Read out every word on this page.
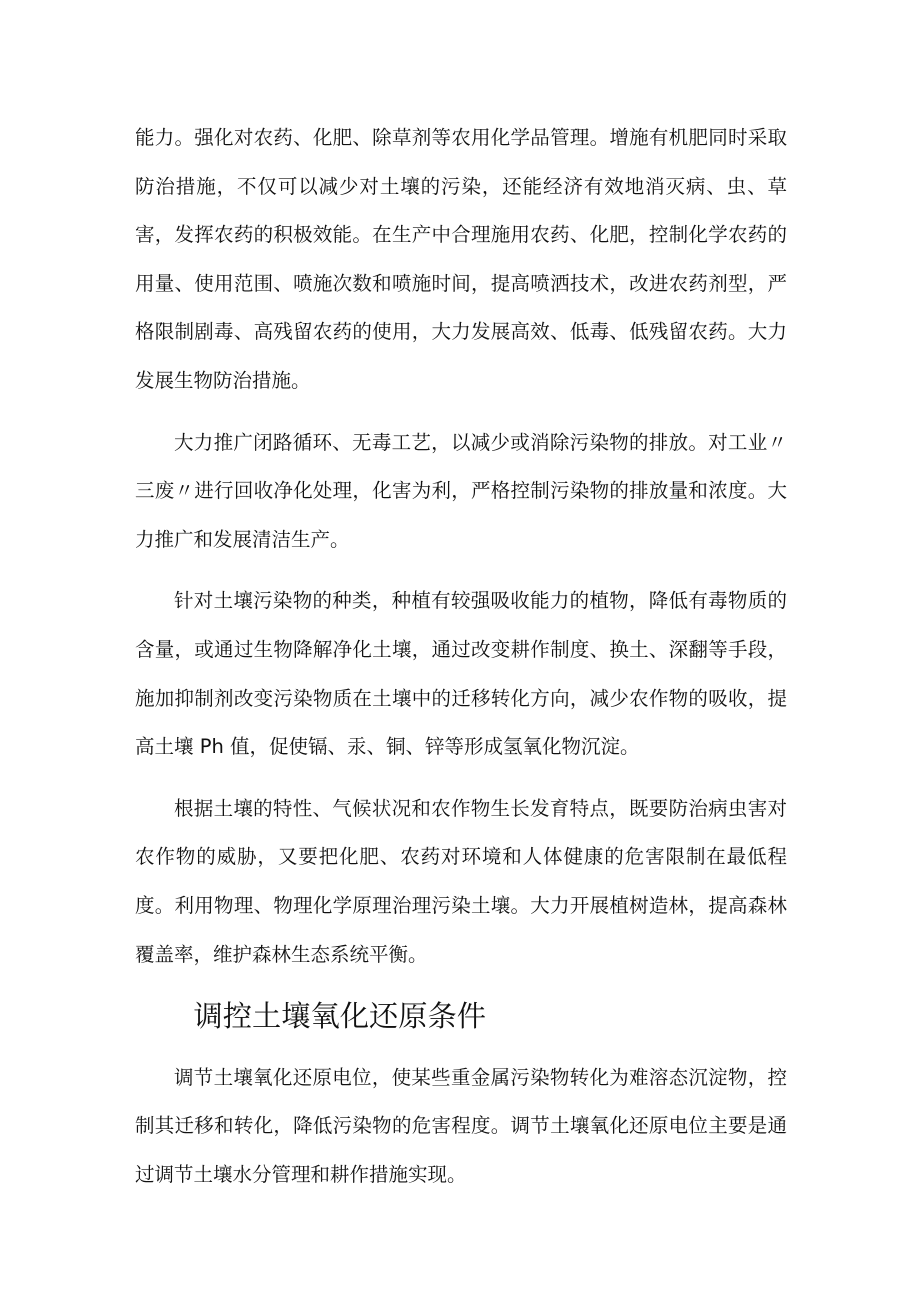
能力。强化对农药、化肥、除草剂等农用化学品管理。增施有机肥同时采取防治措施，不仅可以减少对土壤的污染，还能经济有效地消灭病、虫、草害，发挥农药的积极效能。在生产中合理施用农药、化肥，控制化学农药的用量、使用范围、喷施次数和喷施时间，提高喷洒技术，改进农药剂型，严格限制剧毒、高残留农药的使用，大力发展高效、低毒、低残留农药。大力发展生物防治措施。

大力推广闭路循环、无毒工艺，以减少或消除污染物的排放。对工业〃三废〃进行回收净化处理，化害为利，严格控制污染物的排放量和浓度。大力推广和发展清洁生产。

针对土壤污染物的种类，种植有较强吸收能力的植物，降低有毒物质的含量，或通过生物降解净化土壤，通过改变耕作制度、换土、深翻等手段，施加抑制剂改变污染物质在土壤中的迁移转化方向，减少农作物的吸收，提高土壤 Ph 值，促使镉、汞、铜、锌等形成氢氧化物沉淀。

根据土壤的特性、气候状况和农作物生长发育特点，既要防治病虫害对农作物的威胁，又要把化肥、农药对环境和人体健康的危害限制在最低程度。利用物理、物理化学原理治理污染土壤。大力开展植树造林，提高森林覆盖率，维护森林生态系统平衡。

调控土壤氧化还原条件

调节土壤氧化还原电位，使某些重金属污染物转化为难溶态沉淀物，控制其迁移和转化，降低污染物的危害程度。调节土壤氧化还原电位主要是通过调节土壤水分管理和耕作措施实现。
